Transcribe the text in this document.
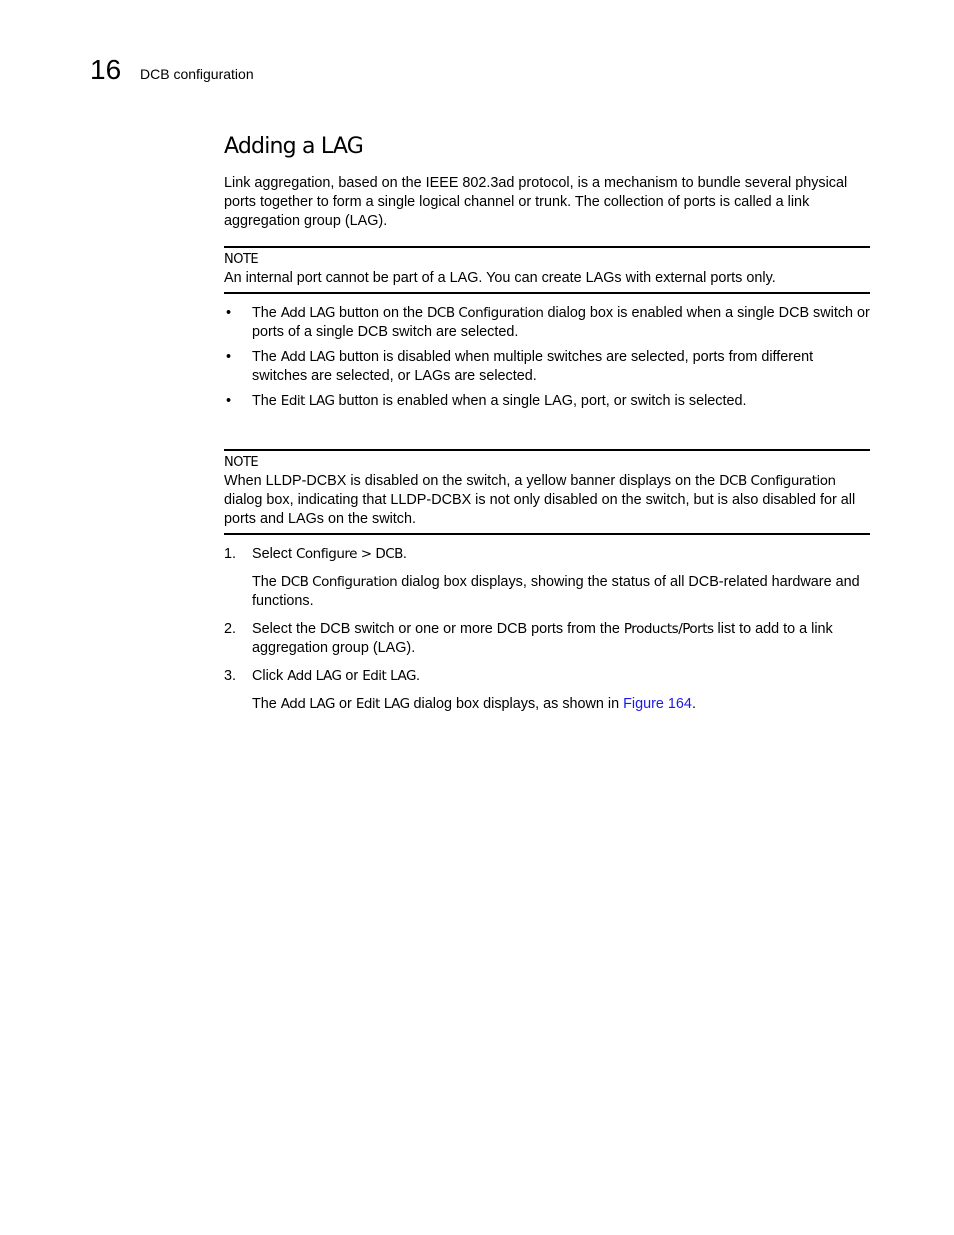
16 DCB configuration
Adding a LAG

Link aggregation, based on the IEEE 802.3ad protocol, is a mechanism to bundle several physical ports together to form a single logical channel or trunk. The collection of ports is called a link aggregation group (LAG).

NOTE

An internal port cannot be part of a LAG. You can create LAGs with external ports only.

• The Add LAG button on the DCB Configuration dialog box is enabled when a single DCB switch or ports of a single DCB switch are selected.
• The Add LAG button is disabled when multiple switches are selected, ports from different switches are selected, or LAGs are selected.
• The Edit LAG button is enabled when a single LAG, port, or switch is selected.
NOTE

When LLDP-DCBX is disabled on the switch, a yellow banner displays on the DCB Configuration dialog box, indicating that LLDP-DCBX is not only disabled on the switch, but is also disabled for all ports and LAGs on the switch.

1. Select Configure > DCB.

The DCB Configuration dialog box displays, showing the status of all DCB-related hardware and functions.

2. Select the DCB switch or one or more DCB ports from the Products/Ports list to add to a link aggregation group (LAG).
3. Click Add LAG or Edit LAG.

The Add LAG or Edit LAG dialog box displays, as shown in Figure 164.
